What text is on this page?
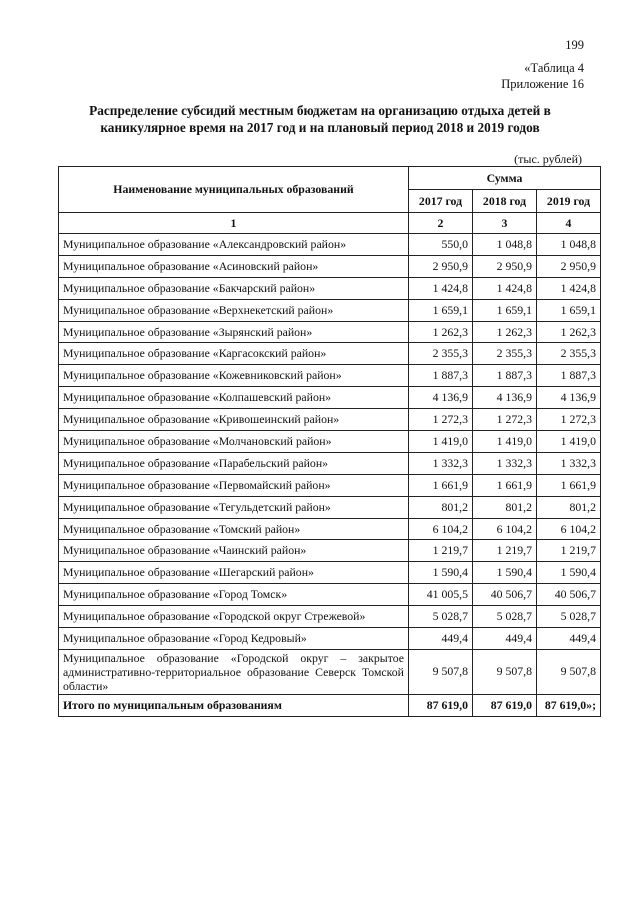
199
«Таблица 4
Приложение 16
Распределение субсидий местным бюджетам на организацию отдыха детей в каникулярное время на 2017 год и на плановый период 2018 и 2019 годов
(тыс. рублей)
Наименование муниципальных образований	Сумма		
	2017 год	2018 год	2019 год
1	2	3	4
Муниципальное образование «Александровский район»	550,0	1 048,8	1 048,8
Муниципальное образование «Асиновский район»	2 950,9	2 950,9	2 950,9
Муниципальное образование «Бакчарский район»	1 424,8	1 424,8	1 424,8
Муниципальное образование «Верхнекетский район»	1 659,1	1 659,1	1 659,1
Муниципальное образование «Зырянский район»	1 262,3	1 262,3	1 262,3
Муниципальное образование «Каргасокский район»	2 355,3	2 355,3	2 355,3
Муниципальное образование «Кожевниковский район»	1 887,3	1 887,3	1 887,3
Муниципальное образование «Колпашевский район»	4 136,9	4 136,9	4 136,9
Муниципальное образование «Кривошеинский район»	1 272,3	1 272,3	1 272,3
Муниципальное образование «Молчановский район»	1 419,0	1 419,0	1 419,0
Муниципальное образование «Парабельский район»	1 332,3	1 332,3	1 332,3
Муниципальное образование «Первомайский район»	1 661,9	1 661,9	1 661,9
Муниципальное образование «Тегульдетский район»	801,2	801,2	801,2
Муниципальное образование «Томский район»	6 104,2	6 104,2	6 104,2
Муниципальное образование «Чаинский район»	1 219,7	1 219,7	1 219,7
Муниципальное образование «Шегарский район»	1 590,4	1 590,4	1 590,4
Муниципальное образование «Город Томск»	41 005,5	40 506,7	40 506,7
Муниципальное образование «Городской округ Стрежевой»	5 028,7	5 028,7	5 028,7
Муниципальное образование «Город Кедровый»	449,4	449,4	449,4
Муниципальное образование «Городской округ – закрытое административно-территориальное образование Северск Томской области»	9 507,8	9 507,8	9 507,8
Итого по муниципальным образованиям	87 619,0	87 619,0	87 619,0»;
